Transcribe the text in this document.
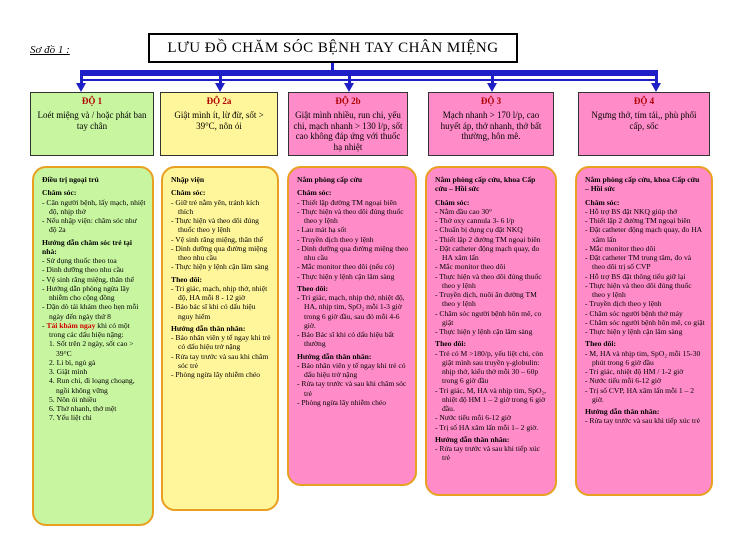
Sơ đồ 1 :	LƯU ĐỒ CHĂM SÓC BỆNH TAY CHÂN MIỆNG
ĐỘ 1
Loét miệng và / hoặc phát ban tay chân
ĐỘ 2a
Giật mình ít, lừ đừ, sốt > 39°C, nôn ói
ĐỘ 2b
Giật mình nhiều, run chi, yếu chi, mạch nhanh > 130 l/p, sốt cao không đáp ứng với thuốc hạ nhiệt
ĐỘ 3
Mạch nhanh > 170 l/p, cao huyết áp, thở nhanh, thở bất thường, hôn mê.
ĐỘ 4
Ngưng thở, tím tái,, phù phổi cấp, sốc
Điều trị ngoại trú
Chăm sóc:
- Cân người bệnh, lấy mạch, nhiệt độ, nhịp thở
- Nếu nhập viện: chăm sóc như độ 2a
Hướng dẫn chăm sóc trẻ tại nhà:
- Sử dụng thuốc theo toa
- Dinh dưỡng theo nhu cầu
- Vệ sinh răng miệng, thân thể
- Hướng dẫn phòng ngừa lây nhiễm cho cộng đồng
- Dặn dò tái khám theo hẹn mỗi ngày đến ngày thứ 8
- Tái khám ngay khi có một trong các dấu hiệu nặng:
1. Sốt trên 2 ngày, sốt cao > 39°C
2. Li bì, ngủ gà
3. Giật mình
4. Run chi, đi loạng choạng, ngồi không vững
5. Nôn ói nhiều
6. Thở nhanh, thở mệt
7. Yếu liệt chi
Nhập viện
Chăm sóc:
- Giữ trẻ nằm yên, tránh kích thích
- Thực hiện và theo dõi đúng thuốc theo y lệnh
- Vệ sinh răng miệng, thân thể
- Dinh dưỡng qua đường miệng theo nhu cầu
- Thực hiện y lệnh cận lâm sàng
Theo dõi:
- Tri giác, mạch, nhịp thở, nhiệt độ, HA mỗi 8 - 12 giờ
- Báo bác sĩ khi có dấu hiệu nguy hiểm
Hướng dẫn thân nhân:
- Báo nhân viên y tế ngay khi trẻ có dấu hiệu trở nặng
- Rửa tay trước và sau khi chăm sóc trẻ
- Phòng ngừa lây nhiễm chéo
Nằm phòng cấp cứu
Chăm sóc:
- Thiết lập đường TM ngoại biên
- Thực hiện và theo dõi đúng thuốc theo y lệnh
- Lau mát hạ sốt
- Truyền dịch theo y lệnh
- Dinh dưỡng qua đường miệng theo nhu cầu
- Mắc monitor theo dõi (nếu có)
- Thực hiện y lệnh cận lâm sàng
Theo dõi:
- Tri giác, mạch, nhịp thở, nhiệt độ, HA, nhịp tim, SpO₂ mỗi 1-3 giờ trong 6 giờ đầu, sau đó mỗi 4-6 giờ.
- Báo Bác sĩ khi có dấu hiệu bất thường
Hướng dẫn thân nhân:
- Báo nhân viên y tế ngay khi trẻ có dấu hiệu trở nặng
- Rửa tay trước và sau khi chăm sóc trẻ
- Phòng ngừa lây nhiễm chéo
Nằm phòng cấp cứu, khoa Cấp cứu – Hồi sức
Chăm sóc:
- Nằm đầu cao 30°
- Thở oxy cannula 3- 6 l/p
- Chuẩn bị dụng cụ đặt NKQ
- Thiết lập 2 đường TM ngoại biên
- Đặt catheter động mạch quay, đo HA xâm lấn
- Mắc monitor theo dõi
- Thực hiện và theo dõi đúng thuốc theo y lệnh
- Truyền dịch, nuôi ăn đường TM theo y lệnh
- Chăm sóc người bệnh hôn mê, co giật
- Thực hiện y lệnh cận lâm sàng
Theo dõi:
- Trẻ có M >180/p, yếu liệt chi, còn giật mình sau truyền γ-globulin: nhịp thở, kiểu thở mỗi 30 – 60p trong 6 giờ đầu
- Tri giác, M, HA và nhịp tim, SpO₂, nhiệt độ HM 1 – 2 giờ trong 6 giờ đầu.
- Nước tiểu mỗi 6-12 giờ
- Trị số HA xâm lấn mỗi 1– 2 giờ.
Hướng dẫn thân nhân:
- Rửa tay trước và sau khi tiếp xúc trẻ
Nằm phòng cấp cứu, khoa Cấp cứu – Hồi sức
Chăm sóc:
- Hỗ trợ BS đặt NKQ giúp thở
- Thiết lập 2 đường TM ngoại biên
- Đặt catheter động mạch quay, đo HA xâm lấn
- Mắc monitor theo dõi
- Đặt catheter TM trung tâm, đo và theo dõi trị số CVP
- Hỗ trợ BS đặt thông tiểu giữ lại
- Thực hiện và theo dõi đúng thuốc theo y lệnh
- Truyền dịch theo y lệnh
- Chăm sóc người bệnh thở máy
- Chăm sóc người bệnh hôn mê, co giật
- Thực hiện y lệnh cận lâm sàng
Theo dõi:
- M, HA và nhịp tim, SpO₂ mỗi 15-30 phút trong 6 giờ đầu
- Tri giác, nhiệt độ HM / 1-2 giờ
- Nước tiểu mỗi 6-12 giờ
- Trị số CVP, HA xâm lấn mỗi 1 – 2 giờ.
Hướng dẫn thân nhân:
- Rửa tay trước và sau khi tiếp xúc trẻ
